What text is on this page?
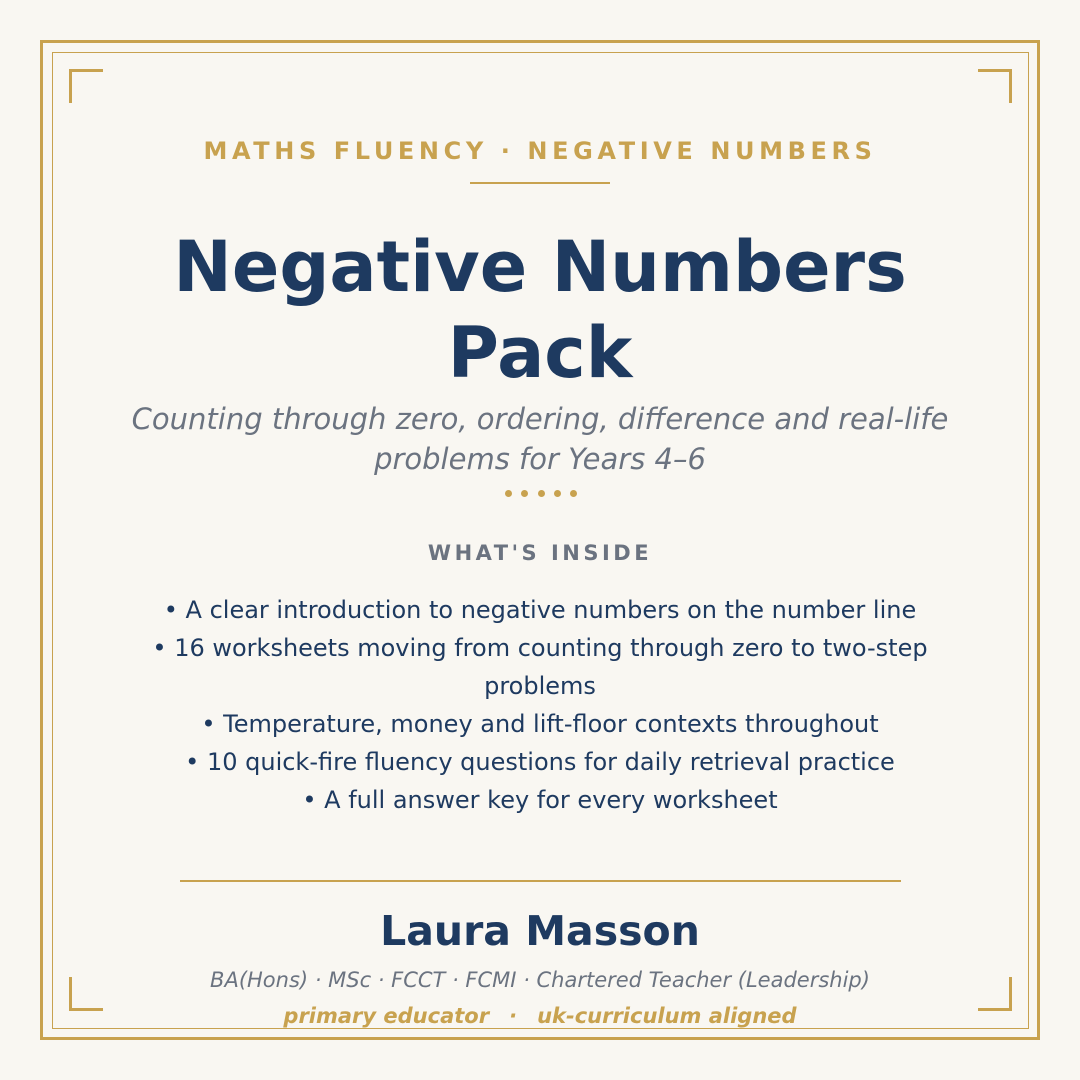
MATHS FLUENCY · NEGATIVE NUMBERS
Negative Numbers
Pack
Counting through zero, ordering, difference and real-life problems for Years 4–6
WHAT'S INSIDE
• A clear introduction to negative numbers on the number line
• 16 worksheets moving from counting through zero to two-step problems
• Temperature, money and lift-floor contexts throughout
• 10 quick-fire fluency questions for daily retrieval practice
• A full answer key for every worksheet
Laura Masson
BA(Hons) · MSc · FCCT · FCMI · Chartered Teacher (Leadership)
primary educator · uk-curriculum aligned
